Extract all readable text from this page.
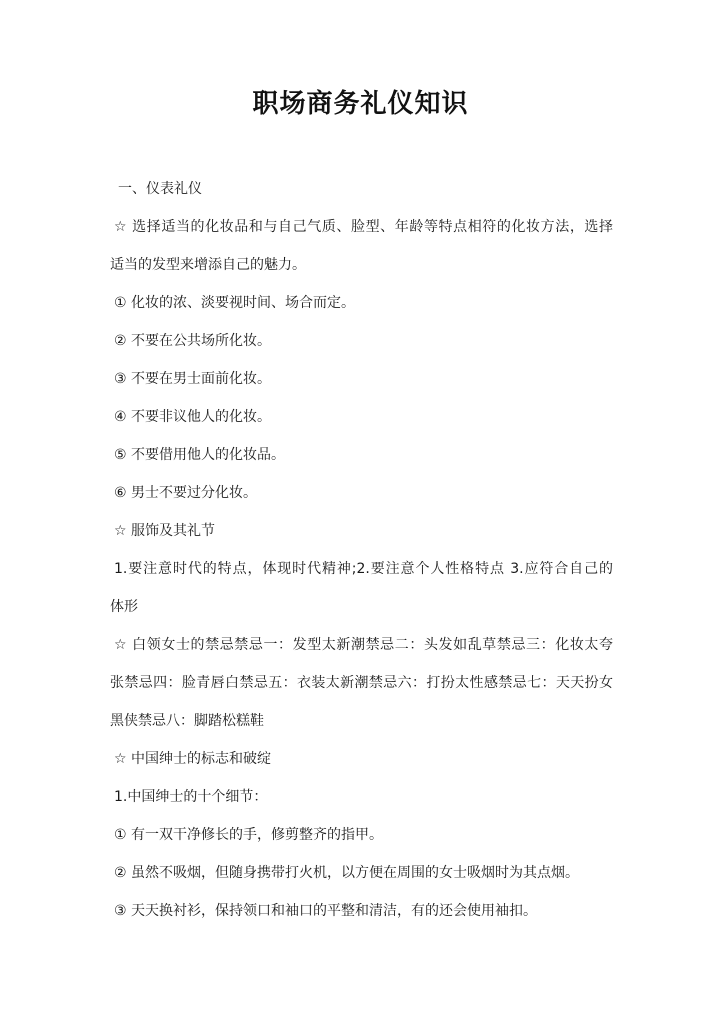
职场商务礼仪知识
一、仪表礼仪
☆ 选择适当的化妆品和与自己气质、脸型、年龄等特点相符的化妆方法，选择
适当的发型来增添自己的魅力。
① 化妆的浓、淡要视时间、场合而定。
② 不要在公共场所化妆。
③ 不要在男士面前化妆。
④ 不要非议他人的化妆。
⑤ 不要借用他人的化妆品。
⑥ 男士不要过分化妆。
☆ 服饰及其礼节
1.要注意时代的特点，体现时代精神;2.要注意个人性格特点 3.应符合自己的
体形
☆ 白领女士的禁忌禁忌一：发型太新潮禁忌二：头发如乱草禁忌三：化妆太夸
张禁忌四：脸青唇白禁忌五：衣装太新潮禁忌六：打扮太性感禁忌七：天天扮女
黑侠禁忌八：脚踏松糕鞋
☆ 中国绅士的标志和破绽
1.中国绅士的十个细节：
① 有一双干净修长的手，修剪整齐的指甲。
② 虽然不吸烟，但随身携带打火机，以方便在周围的女士吸烟时为其点烟。
③ 天天换衬衫，保持领口和袖口的平整和清洁，有的还会使用袖扣。
